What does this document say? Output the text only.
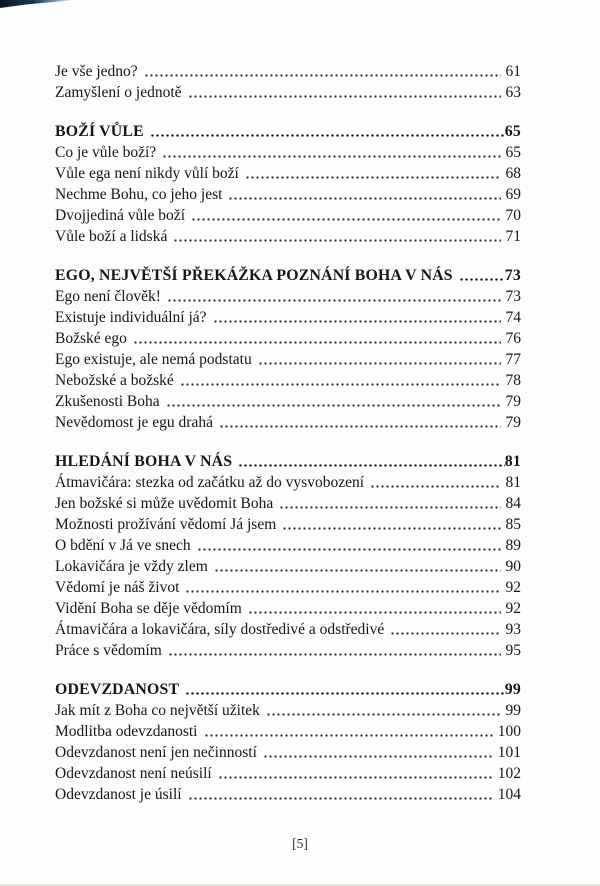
Je vše jedno?	61
Zamyšlení o jednotě	63
BOŽÍ VŮLE	65
Co je vůle boží?	65
Vůle ega není nikdy vůlí boží	68
Nechme Bohu, co jeho jest	69
Dvojjediná vůle boží	70
Vůle boží a lidská	71
EGO, NEJVĚTŠÍ PŘEKÁŽKA POZNÁNÍ BOHA V NÁS	73
Ego není člověk!	73
Existuje individuální já?	74
Božské ego	76
Ego existuje, ale nemá podstatu	77
Nebožské a božské	78
Zkušenosti Boha	79
Nevědomost je egu drahá	79
HLEDÁNÍ BOHA V NÁS	81
Átmavičára: stezka od začátku až do vysvobození	81
Jen božské si může uvědomit Boha	84
Možnosti prožívání vědomí Já jsem	85
O bdění v Já ve snech	89
Lokavičára je vždy zlem	90
Vědomí je náš život	92
Vidění Boha se děje vědomím	92
Átmavičára a lokavičára, síly dostředivé a odstředivé	93
Práce s vědomím	95
ODEVZDANOST	99
Jak mít z Boha co největší užitek	99
Modlitba odevzdanosti	100
Odevzdanost není jen nečinností	101
Odevzdanost není neúsilí	102
Odevzdanost je úsilí	104
[5]
